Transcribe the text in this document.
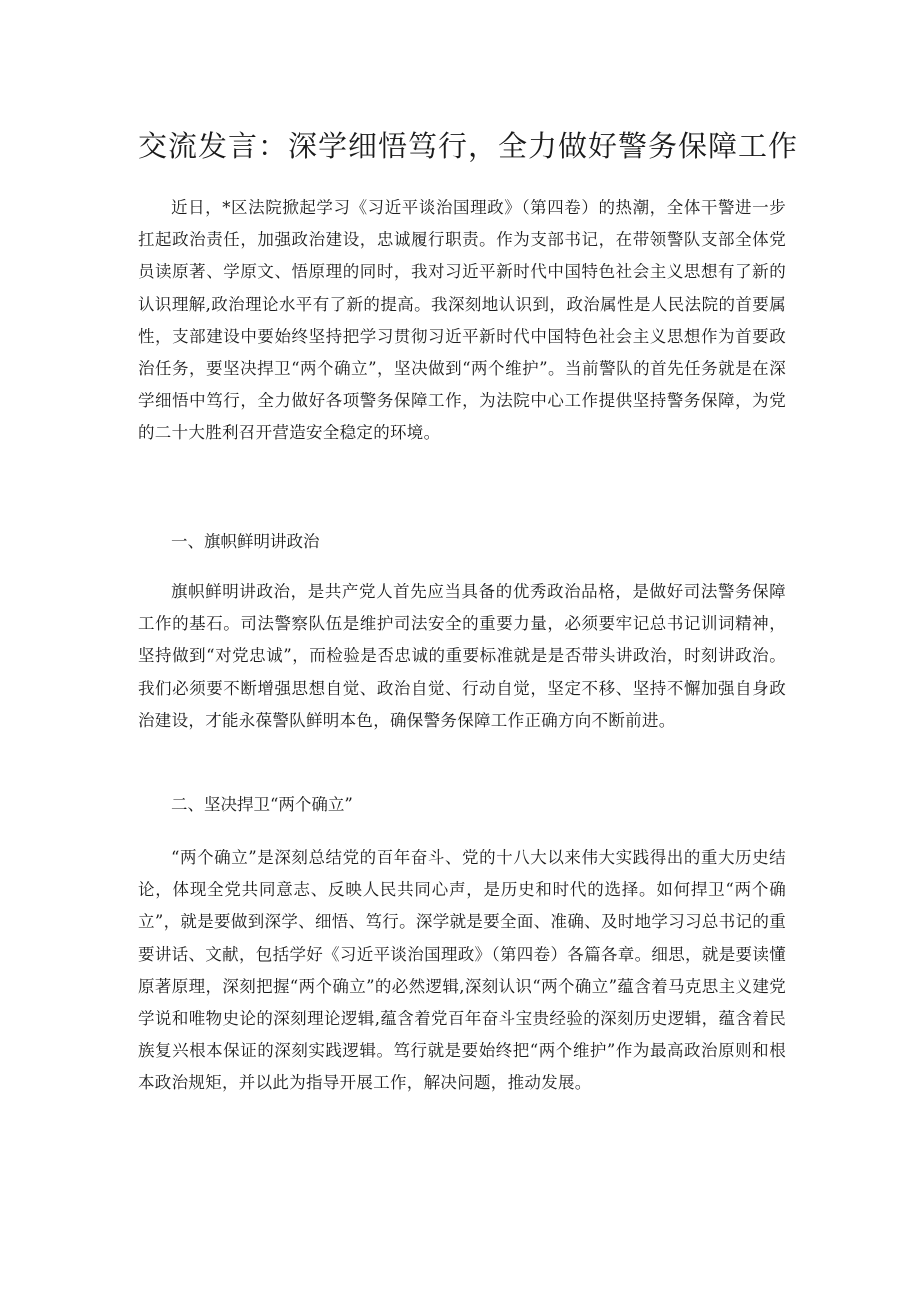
交流发言：深学细悟笃行，全力做好警务保障工作

近日，*区法院掀起学习《习近平谈治国理政》（第四卷）的热潮，全体干警进一步扛起政治责任，加强政治建设，忠诚履行职责。作为支部书记，在带领警队支部全体党员读原著、学原文、悟原理的同时，我对习近平新时代中国特色社会主义思想有了新的认识理解,政治理论水平有了新的提高。我深刻地认识到，政治属性是人民法院的首要属性，支部建设中要始终坚持把学习贯彻习近平新时代中国特色社会主义思想作为首要政治任务，要坚决捍卫“两个确立”，坚决做到“两个维护”。当前警队的首先任务就是在深学细悟中笃行，全力做好各项警务保障工作，为法院中心工作提供坚持警务保障，为党的二十大胜利召开营造安全稳定的环境。

一、旗帜鲜明讲政治

旗帜鲜明讲政治，是共产党人首先应当具备的优秀政治品格，是做好司法警务保障工作的基石。司法警察队伍是维护司法安全的重要力量，必须要牢记总书记训词精神，坚持做到“对党忠诚”，而检验是否忠诚的重要标准就是是否带头讲政治，时刻讲政治。我们必须要不断增强思想自觉、政治自觉、行动自觉，坚定不移、坚持不懈加强自身政治建设，才能永葆警队鲜明本色，确保警务保障工作正确方向不断前进。

二、坚决捍卫“两个确立”

“两个确立”是深刻总结党的百年奋斗、党的十八大以来伟大实践得出的重大历史结论，体现全党共同意志、反映人民共同心声，是历史和时代的选择。如何捍卫“两个确立”，就是要做到深学、细悟、笃行。深学就是要全面、准确、及时地学习习总书记的重要讲话、文献，包括学好《习近平谈治国理政》（第四卷）各篇各章。细思，就是要读懂原著原理，深刻把握“两个确立”的必然逻辑,深刻认识“两个确立”蕴含着马克思主义建党学说和唯物史论的深刻理论逻辑,蕴含着党百年奋斗宝贵经验的深刻历史逻辑，蕴含着民族复兴根本保证的深刻实践逻辑。笃行就是要始终把“两个维护”作为最高政治原则和根本政治规矩，并以此为指导开展工作，解决问题，推动发展。
